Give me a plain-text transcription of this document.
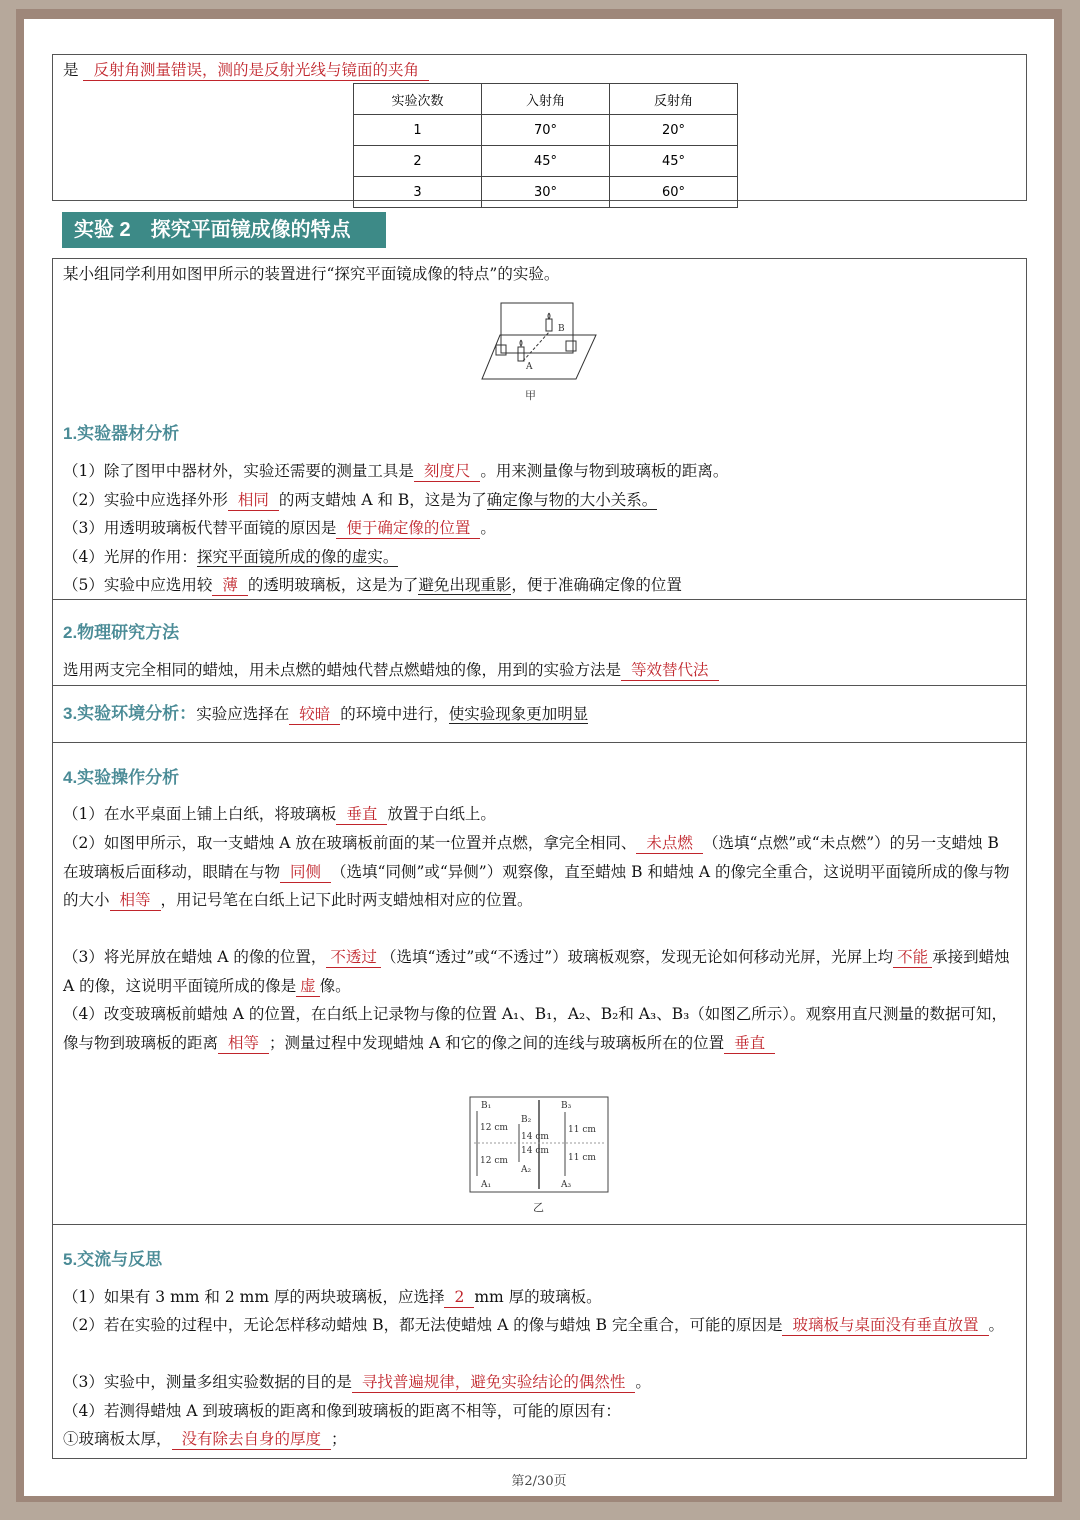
是 反射角测量错误，测的是反射光线与镜面的夹角
实验次数	入射角	反射角
1	70°	20°
2	45°	45°
3	30°	60°
实验 2　探究平面镜成像的特点
某小组同学利用如图甲所示的装置进行“探究平面镜成像的特点”的实验。
B
A
甲
1.实验器材分析
（1）除了图甲中器材外，实验还需要的测量工具是 刻度尺 。用来测量像与物到玻璃板的距离。
（2）实验中应选择外形 相同 的两支蜡烛 A 和 B，这是为了确定像与物的大小关系。
（3）用透明玻璃板代替平面镜的原因是 便于确定像的位置 。
（4）光屏的作用：探究平面镜所成的像的虚实。
（5）实验中应选用较 薄 的透明玻璃板，这是为了避免出现重影，便于准确确定像的位置
2.物理研究方法
选用两支完全相同的蜡烛，用未点燃的蜡烛代替点燃蜡烛的像，用到的实验方法是 等效替代法
3.实验环境分析：实验应选择在 较暗 的环境中进行，使实验现象更加明显
4.实验操作分析
（1）在水平桌面上铺上白纸，将玻璃板 垂直 放置于白纸上。
（2）如图甲所示，取一支蜡烛 A 放在玻璃板前面的某一位置并点燃，拿完全相同、 未点燃 （选填“点燃”或“未点燃”）的另一支蜡烛 B 在玻璃板后面移动，眼睛在与物 同侧 （选填“同侧”或“异侧”）观察像，直至蜡烛 B 和蜡烛 A 的像完全重合，这说明平面镜所成的像与物的大小 相等 ，用记号笔在白纸上记下此时两支蜡烛相对应的位置。
（3）将光屏放在蜡烛 A 的像的位置， 不透过 （选填“透过”或“不透过”）玻璃板观察，发现无论如何移动光屏，光屏上均 不能 承接到蜡烛 A 的像，这说明平面镜所成的像是 虚 像。
（4）改变玻璃板前蜡烛 A 的位置，在白纸上记录物与像的位置 A₁、B₁，A₂、B₂和 A₃、B₃（如图乙所示）。观察用直尺测量的数据可知，像与物到玻璃板的距离 相等 ；测量过程中发现蜡烛 A 和它的像之间的连线与玻璃板所在的位置 垂直
B₁
B₂
B₃
A₁
A₂
A₃
12 cm
12 cm
14 cm
14 cm
11 cm
11 cm
乙
5.交流与反思
（1）如果有 3 mm 和 2 mm 厚的两块玻璃板，应选择 2 mm 厚的玻璃板。
（2）若在实验的过程中，无论怎样移动蜡烛 B，都无法使蜡烛 A 的像与蜡烛 B 完全重合，可能的原因是 玻璃板与桌面没有垂直放置 。
（3）实验中，测量多组实验数据的目的是 寻找普遍规律，避免实验结论的偶然性 。
（4）若测得蜡烛 A 到玻璃板的距离和像到玻璃板的距离不相等，可能的原因有：
①玻璃板太厚， 没有除去自身的厚度 ；
第2/30页
